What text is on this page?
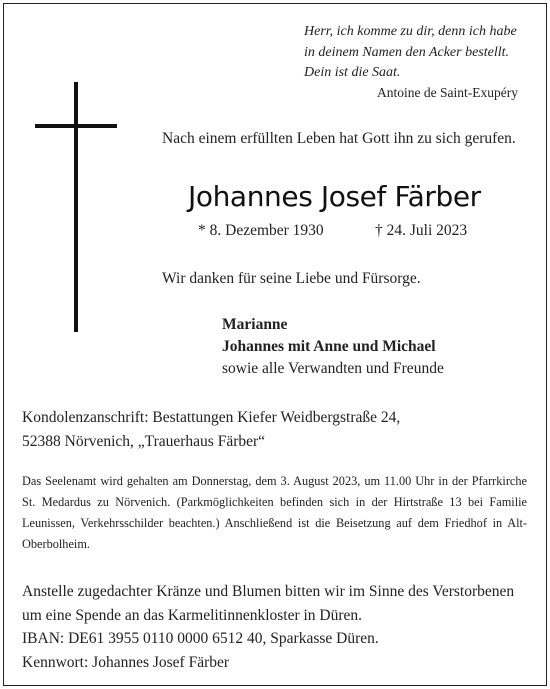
Herr, ich komme zu dir, denn ich habe
in deinem Namen den Acker bestellt.
Dein ist die Saat.
Antoine de Saint-Exupéry
Nach einem erfüllten Leben hat Gott ihn zu sich gerufen.
Johannes Josef Färber
* 8. Dezember 1930	† 24. Juli 2023
Wir danken für seine Liebe und Fürsorge.
Marianne
Johannes mit Anne und Michael
sowie alle Verwandten und Freunde
Kondolenzanschrift: Bestattungen Kiefer Weidbergstraße 24,
52388 Nörvenich, „Trauerhaus Färber“
Das Seelenamt wird gehalten am Donnerstag, dem 3. August 2023, um 11.00 Uhr in der Pfarrkirche St. Medardus zu Nörvenich. (Parkmöglichkeiten befinden sich in der Hirtstraße 13 bei Familie Leunissen, Verkehrsschilder beachten.) Anschließend ist die Beisetzung auf dem Friedhof in Alt-Oberbolheim.
Anstelle zugedachter Kränze und Blumen bitten wir im Sinne des Verstorbenen
um eine Spende an das Karmelitinnenkloster in Düren.
IBAN: DE61 3955 0110 0000 6512 40, Sparkasse Düren.
Kennwort: Johannes Josef Färber
